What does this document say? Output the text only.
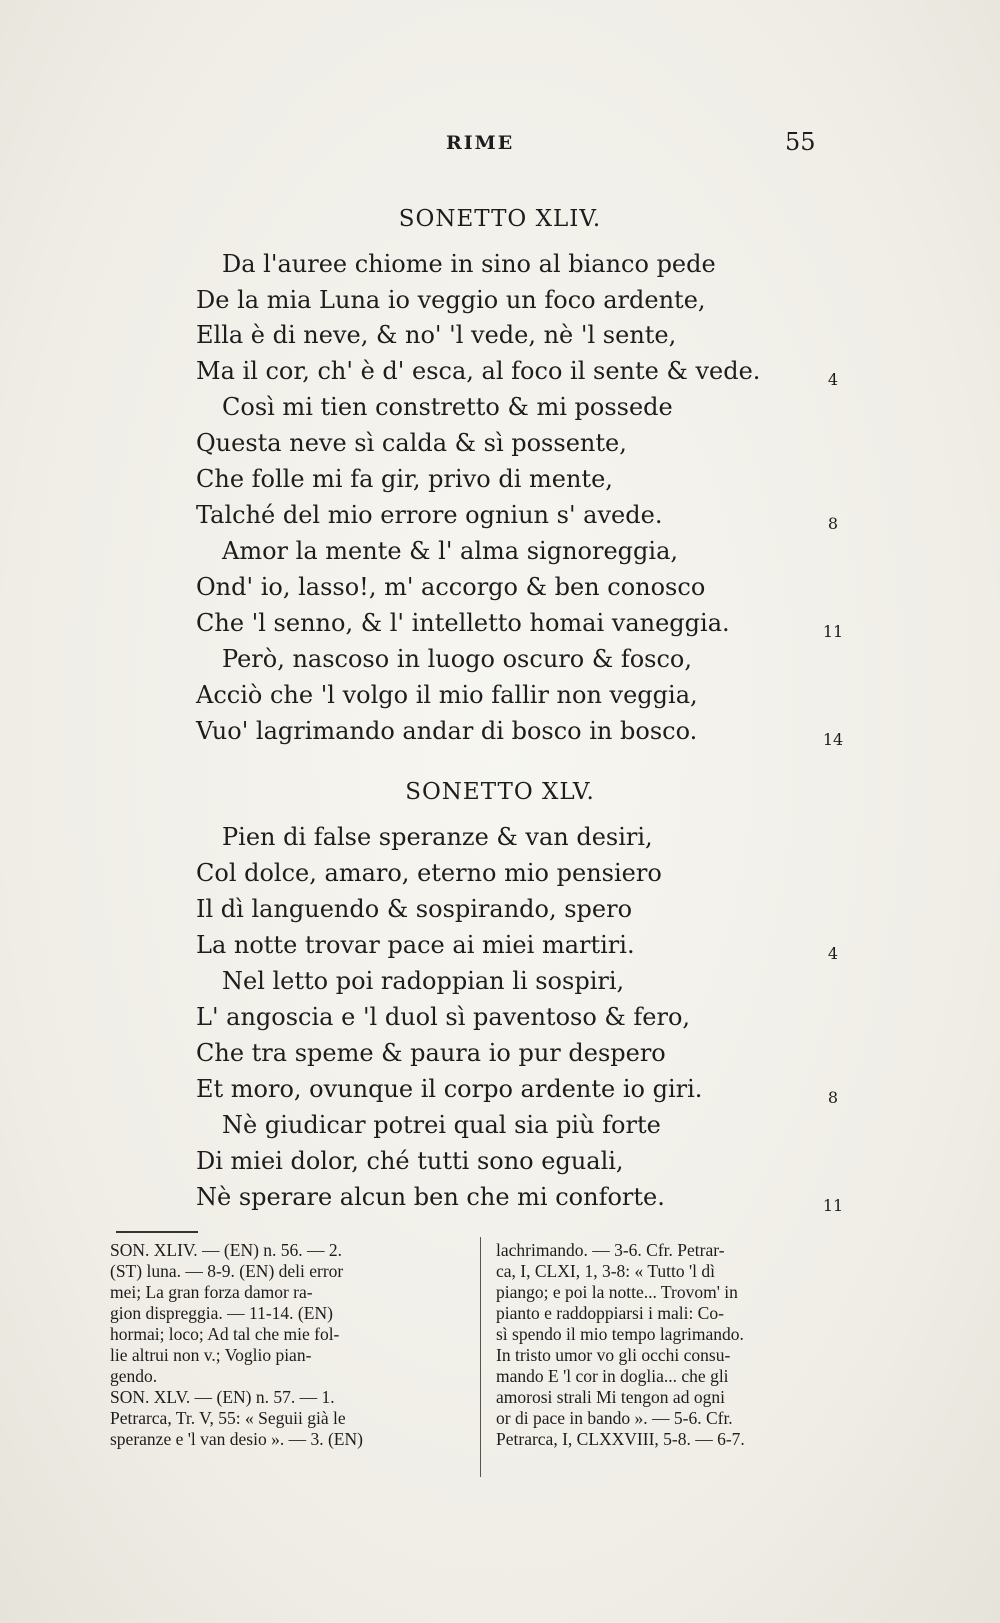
RIME	55
SONETTO XLIV.
Da l'auree chiome in sino al bianco pede
De la mia Luna io veggio un foco ardente,
Ella è di neve, & no' 'l vede, nè 'l sente,
Ma il cor, ch' è d' esca, al foco il sente & vede.
Così mi tien constretto & mi possede
Questa neve sì calda & sì possente,
Che folle mi fa gir, privo di mente,
Talché del mio errore ogniun s' avede.
Amor la mente & l' alma signoreggia,
Ond' io, lasso!, m' accorgo & ben conosco
Che 'l senno, & l' intelletto homai vaneggia.
Però, nascoso in luogo oscuro & fosco,
Acciò che 'l volgo il mio fallir non veggia,
Vuo' lagrimando andar di bosco in bosco.
4
8
11
14
SONETTO XLV.
Pien di false speranze & van desiri,
Col dolce, amaro, eterno mio pensiero
Il dì languendo & sospirando, spero
La notte trovar pace ai miei martiri.
Nel letto poi radoppian li sospiri,
L' angoscia e 'l duol sì paventoso & fero,
Che tra speme & paura io pur despero
Et moro, ovunque il corpo ardente io giri.
Nè giudicar potrei qual sia più forte
Di miei dolor, ché tutti sono eguali,
Nè sperare alcun ben che mi conforte.
4
8
11
SON. XLIV. — (EN) n. 56. — 2.
(ST) luna. — 8-9. (EN) deli error
mei; La gran forza damor ra-
gion dispreggia. — 11-14. (EN)
hormai; loco; Ad tal che mie fol-
lie altrui non v.; Voglio pian-
gendo.
SON. XLV. — (EN) n. 57. — 1.
Petrarca, Tr. V, 55: « Seguii già le
speranze e 'l van desio ». — 3. (EN)
lachrimando. — 3-6. Cfr. Petrar-
ca, I, CLXI, 1, 3-8: « Tutto 'l dì
piango; e poi la notte... Trovom' in
pianto e raddoppiarsi i mali: Co-
sì spendo il mio tempo lagrimando.
In tristo umor vo gli occhi consu-
mando E 'l cor in doglia... che gli
amorosi strali Mi tengon ad ogni
or di pace in bando ». — 5-6. Cfr.
Petrarca, I, CLXXVIII, 5-8. — 6-7.
